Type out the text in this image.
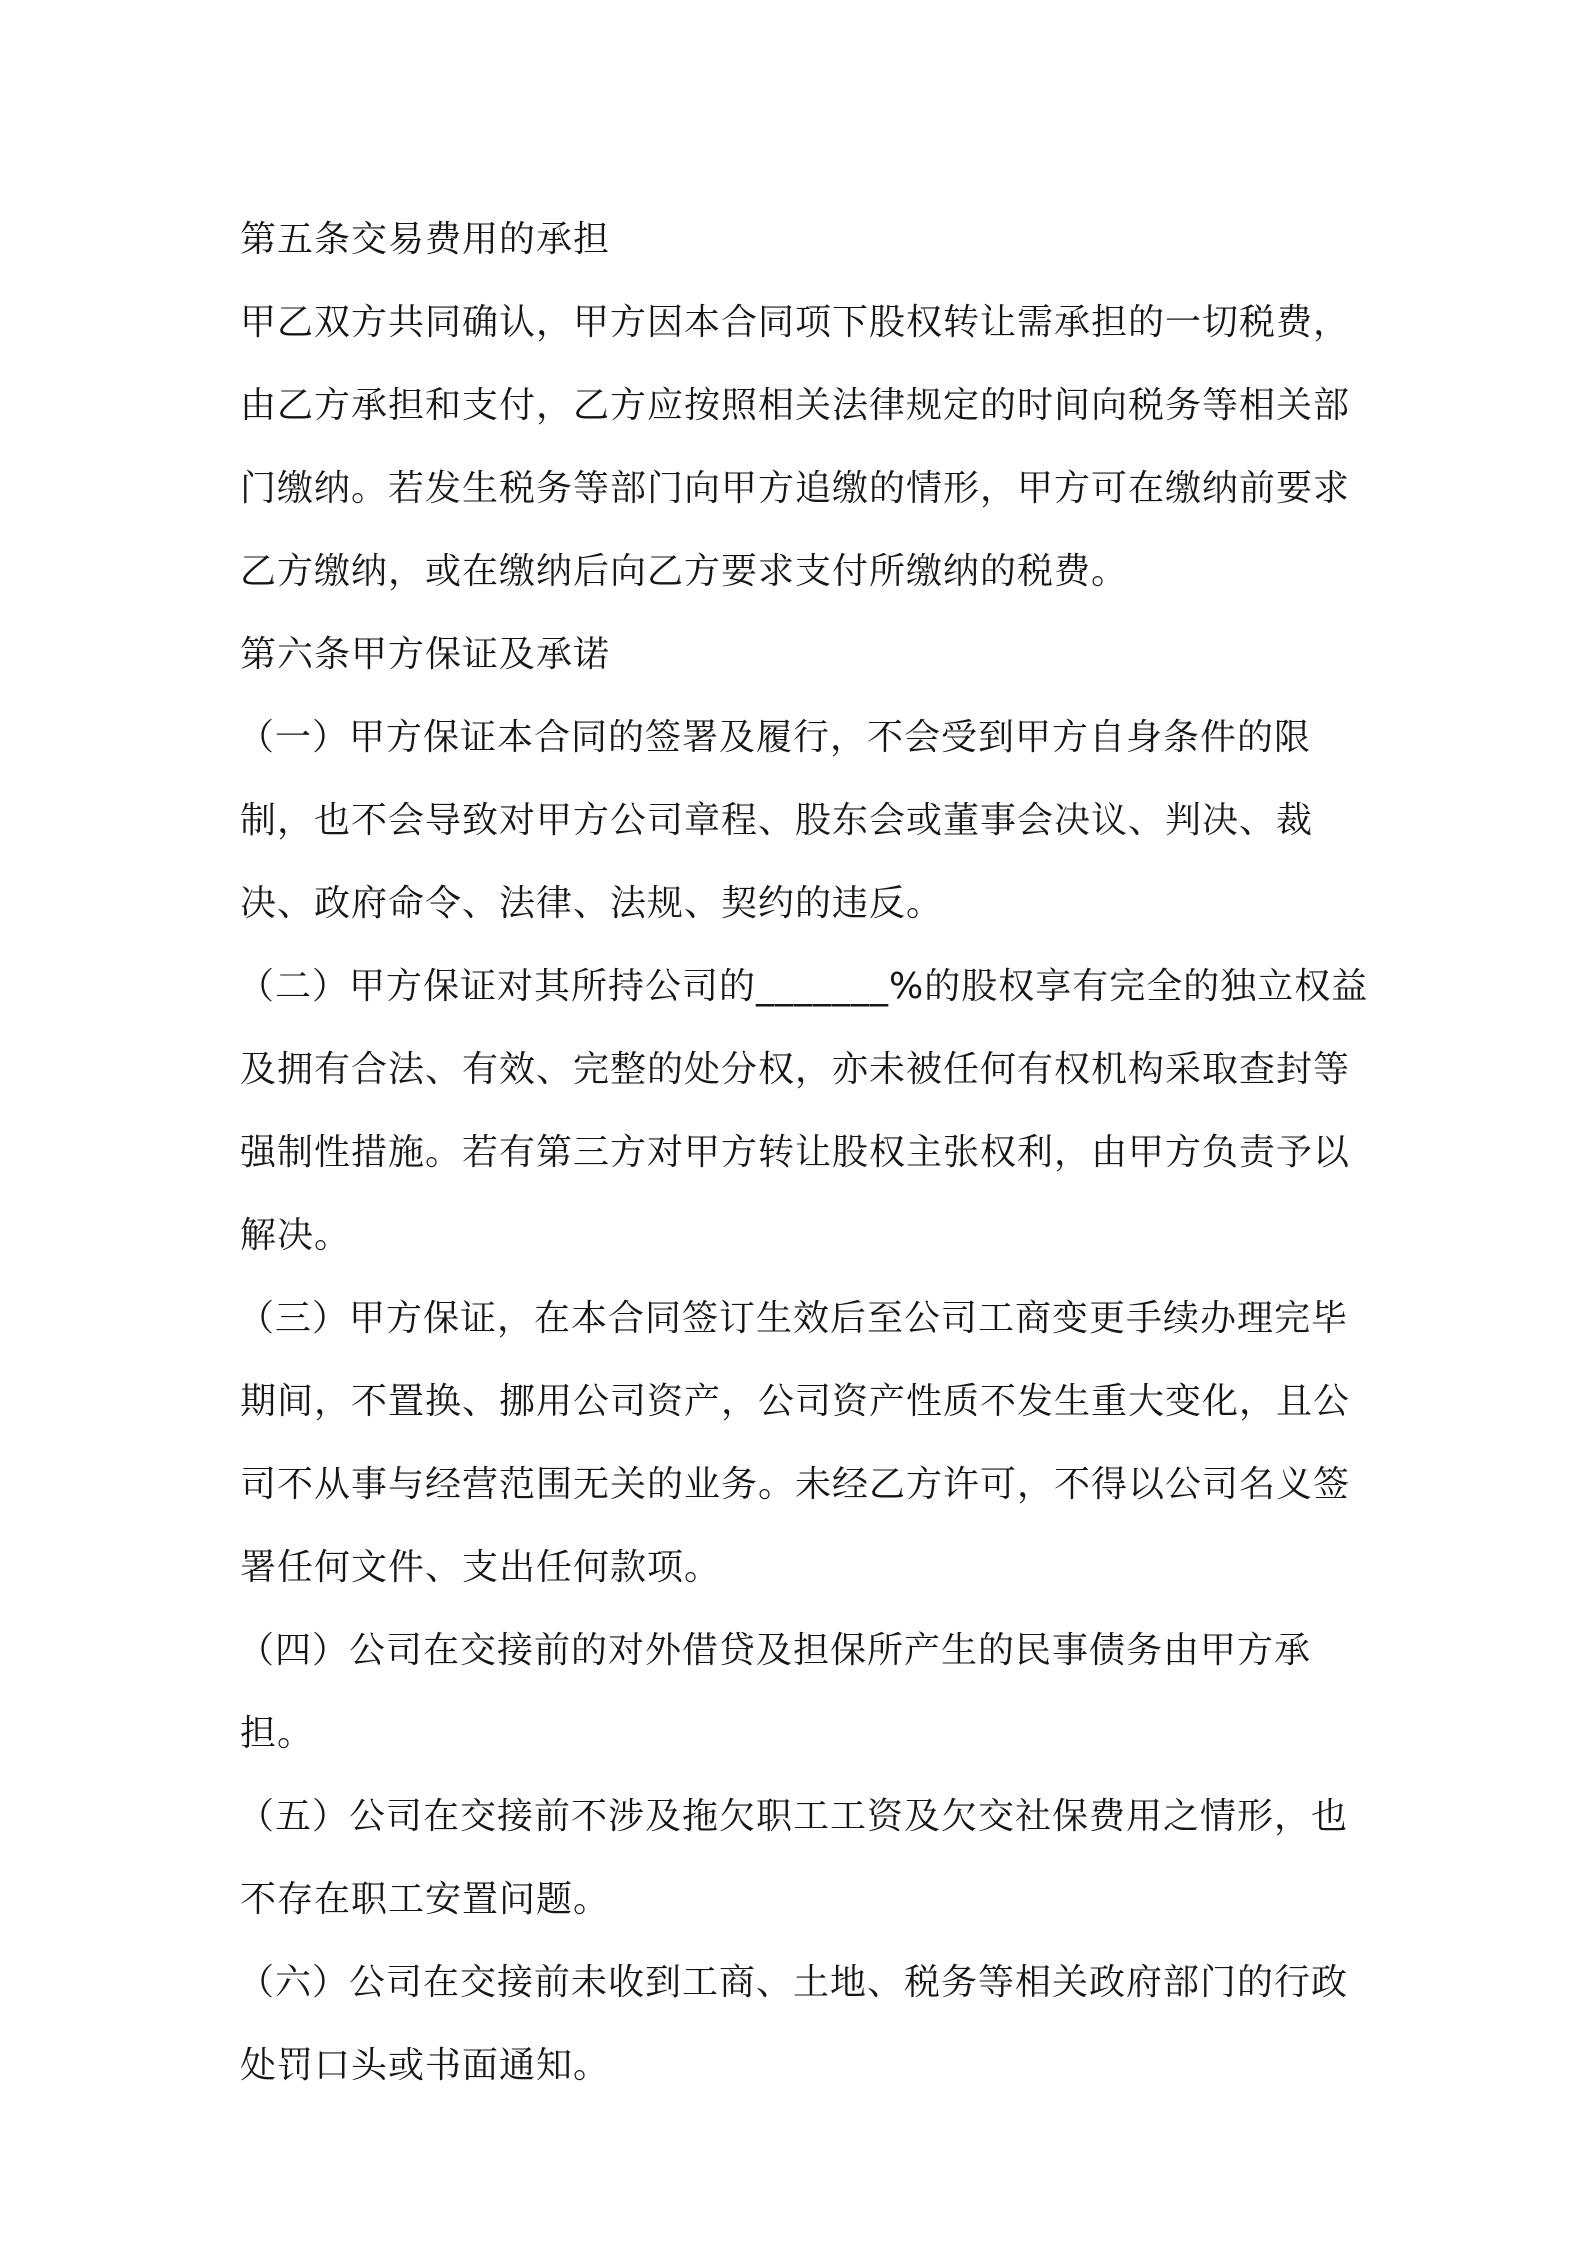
第五条交易费用的承担

甲乙双方共同确认，甲方因本合同项下股权转让需承担的一切税费，由乙方承担和支付，乙方应按照相关法律规定的时间向税务等相关部门缴纳。若发生税务等部门向甲方追缴的情形，甲方可在缴纳前要求乙方缴纳，或在缴纳后向乙方要求支付所缴纳的税费。

第六条甲方保证及承诺

（一）甲方保证本合同的签署及履行，不会受到甲方自身条件的限制，也不会导致对甲方公司章程、股东会或董事会决议、判决、裁决、政府命令、法律、法规、契约的违反。

（二）甲方保证对其所持公司的_______%的股权享有完全的独立权益及拥有合法、有效、完整的处分权，亦未被任何有权机构采取查封等强制性措施。若有第三方对甲方转让股权主张权利，由甲方负责予以解决。

（三）甲方保证，在本合同签订生效后至公司工商变更手续办理完毕期间，不置换、挪用公司资产，公司资产性质不发生重大变化，且公司不从事与经营范围无关的业务。未经乙方许可，不得以公司名义签署任何文件、支出任何款项。

（四）公司在交接前的对外借贷及担保所产生的民事债务由甲方承担。

（五）公司在交接前不涉及拖欠职工工资及欠交社保费用之情形，也不存在职工安置问题。

（六）公司在交接前未收到工商、土地、税务等相关政府部门的行政处罚口头或书面通知。
